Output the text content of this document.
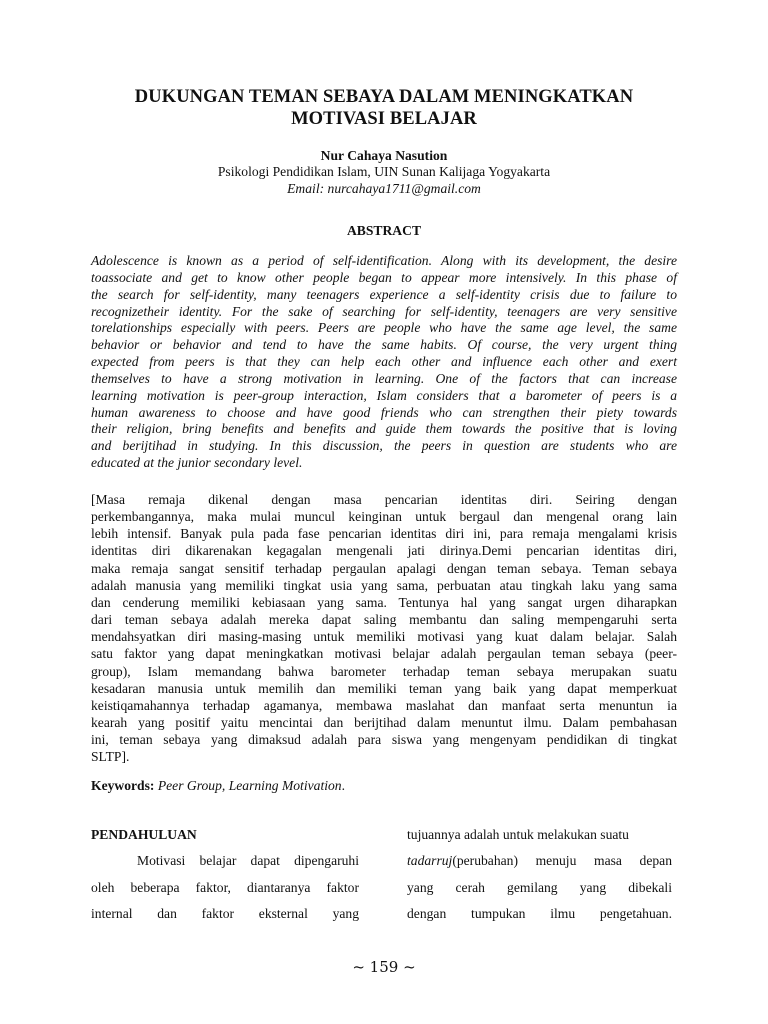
DUKUNGAN TEMAN SEBAYA DALAM MENINGKATKAN
MOTIVASI BELAJAR
Nur Cahaya Nasution
Psikologi Pendidikan Islam, UIN Sunan Kalijaga Yogyakarta
Email: nurcahaya1711@gmail.com
ABSTRACT
Adolescence is known as a period of self-identification. Along with its development, the desire
toassociate and get to know other people began to appear more intensively. In this phase of
the search for self-identity, many teenagers experience a self-identity crisis due to failure to
recognizetheir identity. For the sake of searching for self-identity, teenagers are very sensitive
torelationships especially with peers. Peers are people who have the same age level, the same
behavior or behavior and tend to have the same habits. Of course, the very urgent thing
expected from peers is that they can help each other and influence each other and exert
themselves to have a strong motivation in learning. One of the factors that can increase
learning motivation is peer-group interaction, Islam considers that a barometer of peers is a
human awareness to choose and have good friends who can strengthen their piety towards
their religion, bring benefits and benefits and guide them towards the positive that is loving
and berijtihad in studying. In this discussion, the peers in question are students who are
educated at the junior secondary level.
[Masa remaja dikenal dengan masa pencarian identitas diri. Seiring dengan
perkembangannya, maka mulai muncul keinginan untuk bergaul dan mengenal orang lain
lebih intensif. Banyak pula pada fase pencarian identitas diri ini, para remaja mengalami krisis
identitas diri dikarenakan kegagalan mengenali jati dirinya.Demi pencarian identitas diri,
maka remaja sangat sensitif terhadap pergaulan apalagi dengan teman sebaya. Teman sebaya
adalah manusia yang memiliki tingkat usia yang sama, perbuatan atau tingkah laku yang sama
dan cenderung memiliki kebiasaan yang sama. Tentunya hal yang sangat urgen diharapkan
dari teman sebaya adalah mereka dapat saling membantu dan saling mempengaruhi serta
mendahsyatkan diri masing-masing untuk memiliki motivasi yang kuat dalam belajar. Salah
satu faktor yang dapat meningkatkan motivasi belajar adalah pergaulan teman sebaya (peer-
group), Islam memandang bahwa barometer terhadap teman sebaya merupakan suatu
kesadaran manusia untuk memilih dan memiliki teman yang baik yang dapat memperkuat
keistiqamahannya terhadap agamanya, membawa maslahat dan manfaat serta menuntun ia
kearah yang positif yaitu mencintai dan berijtihad dalam menuntut ilmu. Dalam pembahasan
ini, teman sebaya yang dimaksud adalah para siswa yang mengenyam pendidikan di tingkat
SLTP].
Keywords: Peer Group, Learning Motivation.
PENDAHULUAN
Motivasi belajar dapat dipengaruhi
oleh beberapa faktor, diantaranya faktor
internal dan faktor eksternal yang
tujuannya adalah untuk melakukan suatu
tadarruj(perubahan) menuju masa depan
yang cerah gemilang yang dibekali
dengan tumpukan ilmu pengetahuan.
~ 159 ~
